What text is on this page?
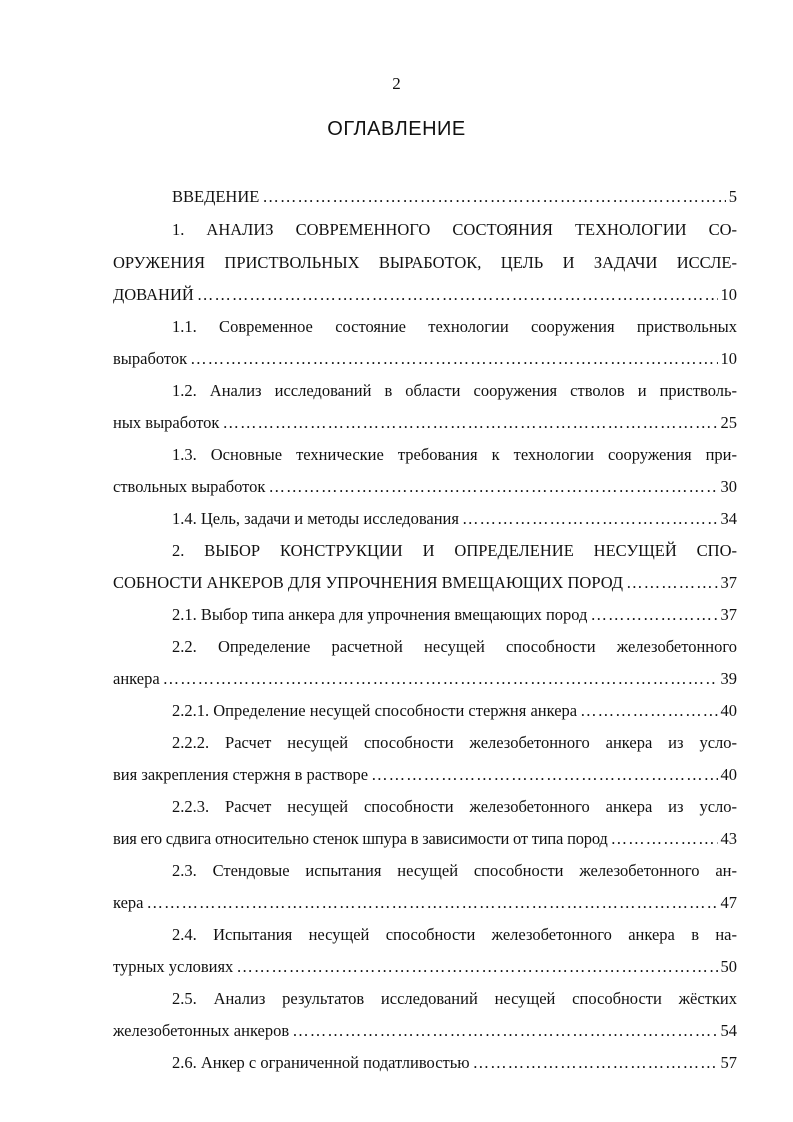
2
ОГЛАВЛЕНИЕ
ВВЕДЕНИЕ ……………………………………………………………………………………………………………………………………………………………………………………	5
1. АНАЛИЗ СОВРЕМЕННОГО СОСТОЯНИЯ ТЕХНОЛОГИИ СО-
ОРУЖЕНИЯ ПРИСТВОЛЬНЫХ ВЫРАБОТОК, ЦЕЛЬ И ЗАДАЧИ ИССЛЕ-
ДОВАНИЙ ……………………………………………………………………………………………………………………………………………………………………………………	10
1.1. Современное состояние технологии сооружения приствольных
выработок ……………………………………………………………………………………………………………………………………………………………………………………	10
1.2. Анализ исследований в области сооружения стволов и пристволь-
ных выработок ……………………………………………………………………………………………………………………………………………………………………………………	25
1.3. Основные технические требования к технологии сооружения при-
ствольных выработок ……………………………………………………………………………………………………………………………………………………………………………………	30
1.4. Цель, задачи и методы исследования ……………………………………………………………………………………………………………………………………………………………………………………	34
2. ВЫБОР КОНСТРУКЦИИ И ОПРЕДЕЛЕНИЕ НЕСУЩЕЙ СПО-
СОБНОСТИ АНКЕРОВ ДЛЯ УПРОЧНЕНИЯ ВМЕЩАЮЩИХ ПОРОД ……………………………………………………………………………………………………………………………………………………………………………………	37
2.1. Выбор типа анкера для упрочнения вмещающих пород ……………………………………………………………………………………………………………………………………………………………………………………	37
2.2. Определение расчетной несущей способности железобетонного
анкера ……………………………………………………………………………………………………………………………………………………………………………………	39
2.2.1. Определение несущей способности стержня анкера ……………………………………………………………………………………………………………………………………………………………………………………	40
2.2.2. Расчет несущей способности железобетонного анкера из усло-
вия закрепления стержня в растворе ……………………………………………………………………………………………………………………………………………………………………………………	40
2.2.3. Расчет несущей способности железобетонного анкера из усло-
вия его сдвига относительно стенок шпура в зависимости от типа пород ……………………………………………………………………………………………………………………………………………………………………………………	43
2.3. Стендовые испытания несущей способности железобетонного ан-
кера ……………………………………………………………………………………………………………………………………………………………………………………	47
2.4. Испытания несущей способности железобетонного анкера в на-
турных условиях ……………………………………………………………………………………………………………………………………………………………………………………	50
2.5. Анализ результатов исследований несущей способности жёстких
железобетонных анкеров ……………………………………………………………………………………………………………………………………………………………………………………	54
2.6. Анкер с ограниченной податливостью ……………………………………………………………………………………………………………………………………………………………………………………	57
